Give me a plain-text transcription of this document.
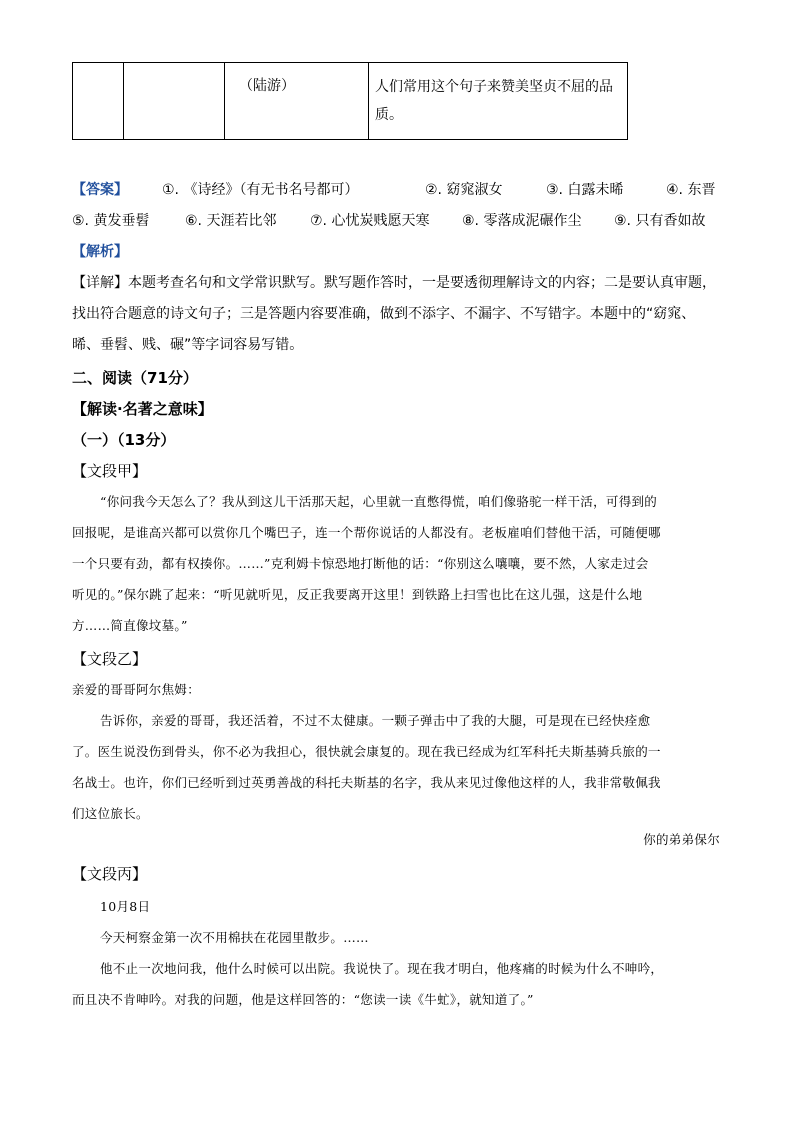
（陆游）	人们常用这个句子来赞美坚贞不屈的品质。
【答案】 ①. 《诗经》（有无书名号都可）	②. 窈窕淑女	③. 白露未晞	④. 东晋
⑤. 黄发垂髫	⑥. 天涯若比邻 ⑦. 心忧炭贱愿天寒 ⑧. 零落成泥碾作尘 ⑨. 只有香如故
【解析】
【详解】本题考查名句和文学常识默写。默写题作答时，一是要透彻理解诗文的内容；二是要认真审题，
找出符合题意的诗文句子；三是答题内容要准确，做到不添字、不漏字、不写错字。本题中的“窈窕、
晞、垂髫、贱、碾”等字词容易写错。
二、阅读（71分）
【解读·名著之意味】
（一）（13分）
【文段甲】
“你问我今天怎么了？我从到这儿干活那天起，心里就一直憋得慌，咱们像骆驼一样干活，可得到的
回报呢，是谁高兴都可以赏你几个嘴巴子，连一个帮你说话的人都没有。老板雇咱们替他干活，可随便哪
一个只要有劲，都有权揍你。……”克利姆卡惊恐地打断他的话：“你别这么嚷嚷，要不然，人家走过会
听见的。”保尔跳了起来：“听见就听见，反正我要离开这里！到铁路上扫雪也比在这儿强，这是什么地
方……简直像坟墓。”
【文段乙】
亲爱的哥哥阿尔焦姆：
告诉你，亲爱的哥哥，我还活着，不过不太健康。一颗子弹击中了我的大腿，可是现在已经快痊愈
了。医生说没伤到骨头，你不必为我担心，很快就会康复的。现在我已经成为红军科托夫斯基骑兵旅的一
名战士。也许，你们已经听到过英勇善战的科托夫斯基的名字，我从来见过像他这样的人，我非常敬佩我
们这位旅长。
你的弟弟保尔
【文段丙】
10月8日
今天柯察金第一次不用棉扶在花园里散步。……
他不止一次地问我，他什么时候可以出院。我说快了。现在我才明白，他疼痛的时候为什么不呻吟，
而且决不肯呻吟。对我的问题，他是这样回答的：“您读一读《牛虻》，就知道了。”
